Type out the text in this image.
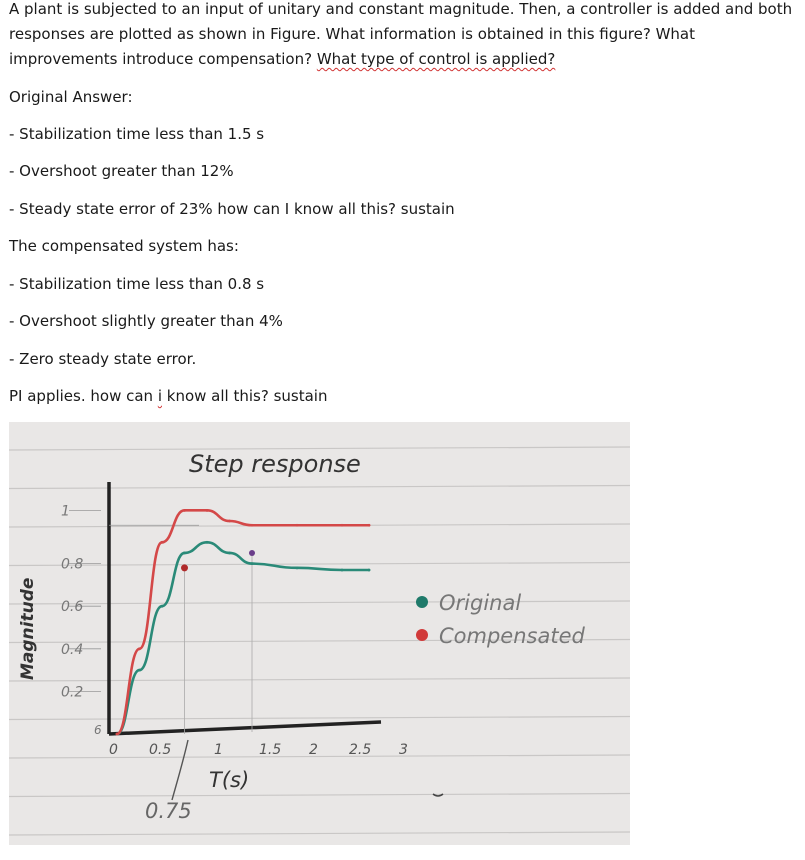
A plant is subjected to an input of unitary and constant magnitude. Then, a controller is added and both

responses are plotted as shown in Figure. What information is obtained in this figure? What

improvements introduce compensation? What type of control is applied?

Original Answer:

- Stabilization time less than 1.5 s

- Overshoot greater than 12%

- Steady state error of 23% how can I know all this? sustain

The compensated system has:

- Stabilization time less than 0.8 s

- Overshoot slightly greater than 4%

- Zero steady state error.

PI applies. how can i know all this? sustain

Step response
Magnitude
T(s)
0.75
6
1
0.8
0.6
0.4
0.2
0 0.5	1	1.5 2 2.5 3
Original
Compensated
